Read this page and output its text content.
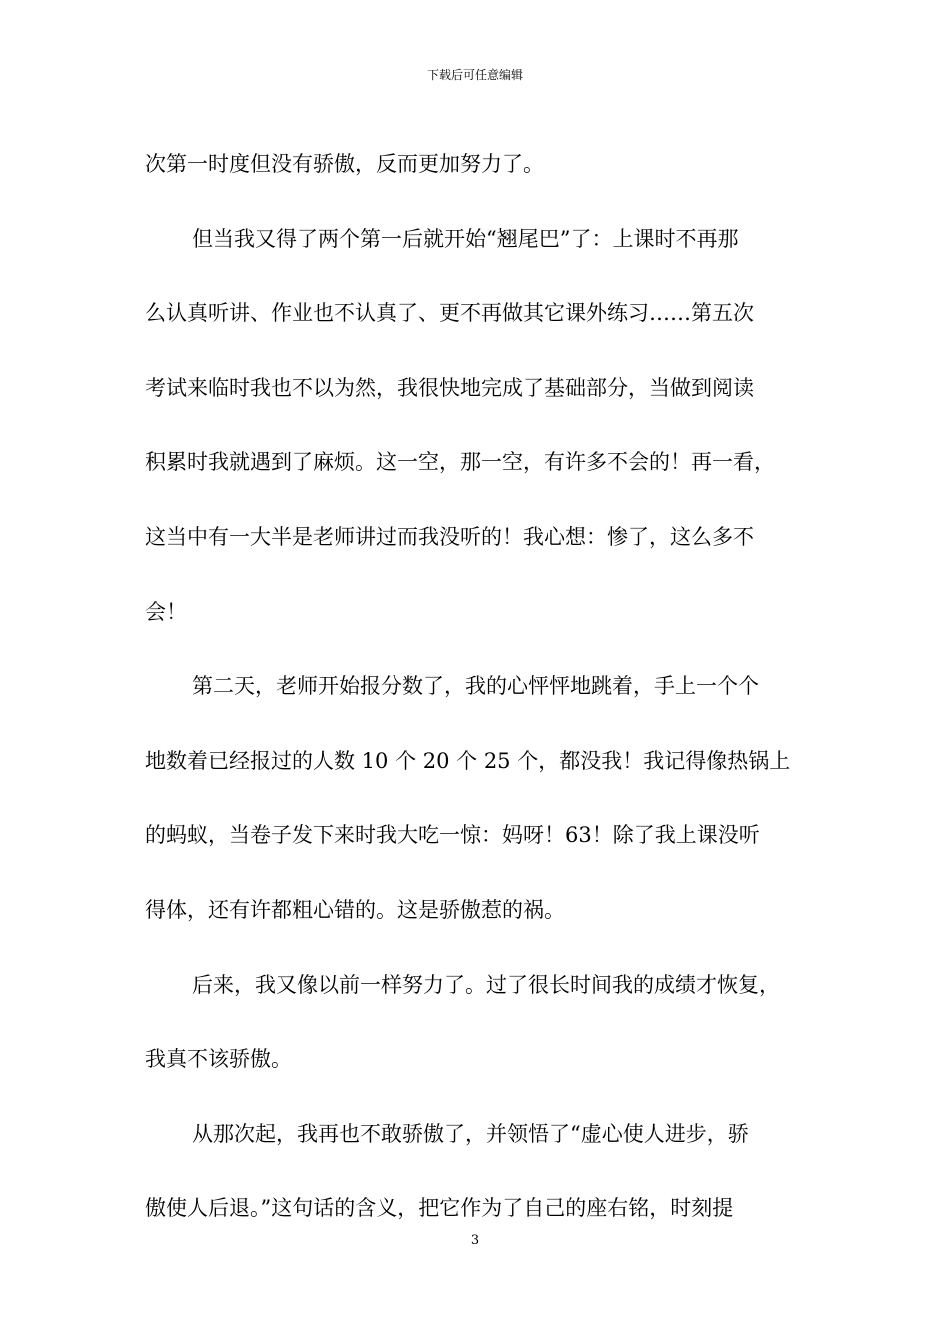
下载后可任意编辑
次第一时度但没有骄傲，反而更加努力了。
但当我又得了两个第一后就开始“翘尾巴”了：上课时不再那
么认真听讲、作业也不认真了、更不再做其它课外练习……第五次
考试来临时我也不以为然，我很快地完成了基础部分，当做到阅读
积累时我就遇到了麻烦。这一空，那一空，有许多不会的！再一看，
这当中有一大半是老师讲过而我没听的！我心想：惨了，这么多不
会！
第二天，老师开始报分数了，我的心怦怦地跳着，手上一个个
地数着已经报过的人数 10 个 20 个 25 个，都没我！我记得像热锅上
的蚂蚁，当卷子发下来时我大吃一惊：妈呀！63！除了我上课没听
得体，还有许都粗心错的。这是骄傲惹的祸。
后来，我又像以前一样努力了。过了很长时间我的成绩才恢复，
我真不该骄傲。
从那次起，我再也不敢骄傲了，并领悟了“虚心使人进步，骄
傲使人后退。”这句话的含义，把它作为了自己的座右铭，时刻提
3
